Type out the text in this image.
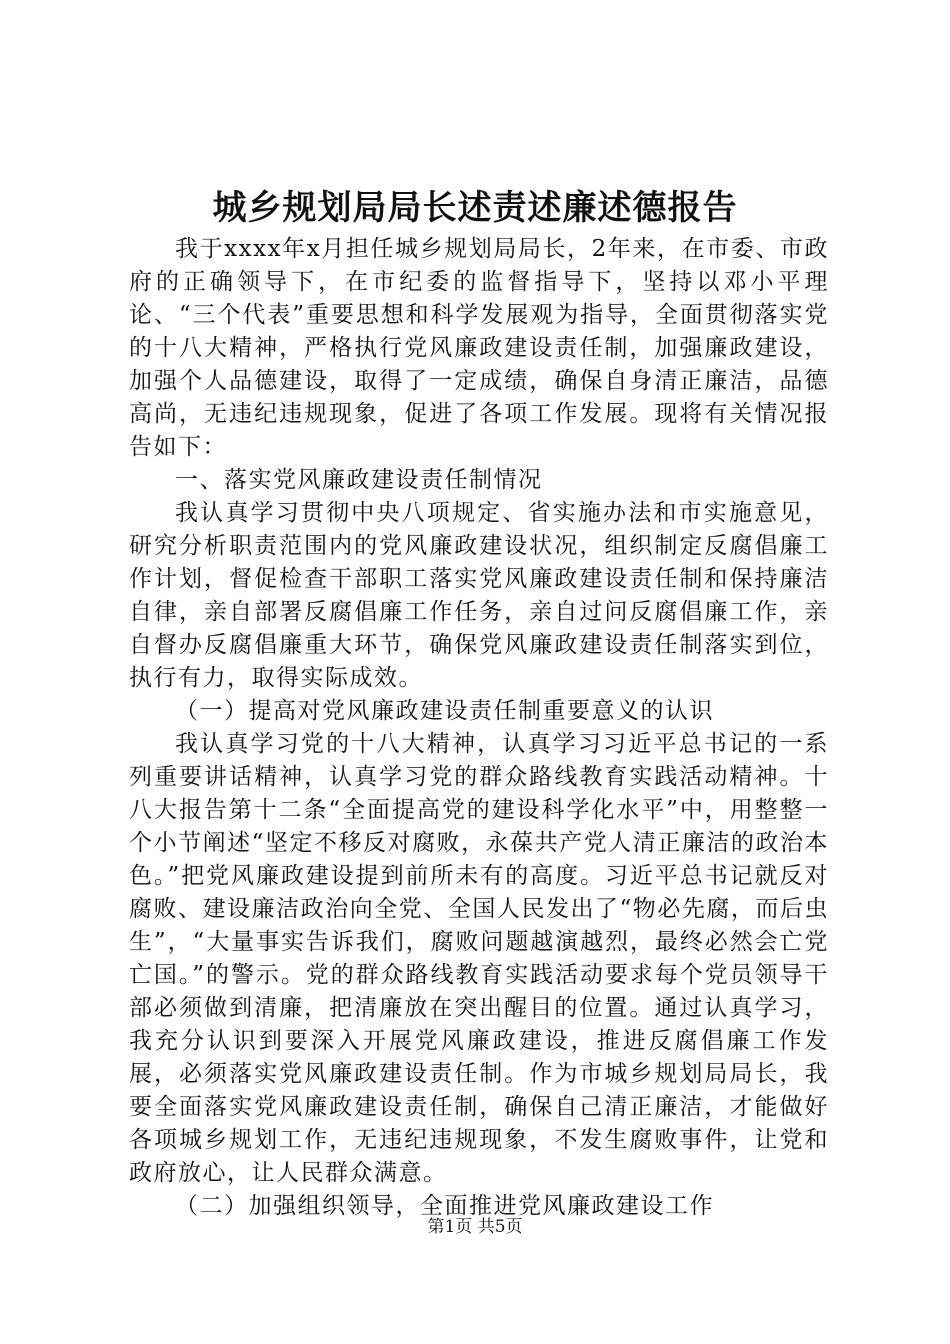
城乡规划局局长述责述廉述德报告

我于xxxx年x月担任城乡规划局局长，2年来，在市委、市政府的正确领导下，在市纪委的监督指导下，坚持以邓小平理论、“三个代表”重要思想和科学发展观为指导，全面贯彻落实党的十八大精神，严格执行党风廉政建设责任制，加强廉政建设，加强个人品德建设，取得了一定成绩，确保自身清正廉洁，品德高尚，无违纪违规现象，促进了各项工作发展。现将有关情况报告如下：

一、落实党风廉政建设责任制情况

我认真学习贯彻中央八项规定、省实施办法和市实施意见，研究分析职责范围内的党风廉政建设状况，组织制定反腐倡廉工作计划，督促检查干部职工落实党风廉政建设责任制和保持廉洁自律，亲自部署反腐倡廉工作任务，亲自过问反腐倡廉工作，亲自督办反腐倡廉重大环节，确保党风廉政建设责任制落实到位，执行有力，取得实际成效。

（一）提高对党风廉政建设责任制重要意义的认识

我认真学习党的十八大精神，认真学习习近平总书记的一系列重要讲话精神，认真学习党的群众路线教育实践活动精神。十八大报告第十二条“全面提高党的建设科学化水平”中，用整整一个小节阐述“坚定不移反对腐败，永葆共产党人清正廉洁的政治本色。”把党风廉政建设提到前所未有的高度。习近平总书记就反对腐败、建设廉洁政治向全党、全国人民发出了“物必先腐，而后虫生”，“大量事实告诉我们，腐败问题越演越烈，最终必然会亡党亡国。”的警示。党的群众路线教育实践活动要求每个党员领导干部必须做到清廉，把清廉放在突出醒目的位置。通过认真学习，我充分认识到要深入开展党风廉政建设，推进反腐倡廉工作发展，必须落实党风廉政建设责任制。作为市城乡规划局局长，我要全面落实党风廉政建设责任制，确保自己清正廉洁，才能做好各项城乡规划工作，无违纪违规现象，不发生腐败事件，让党和政府放心，让人民群众满意。

（二）加强组织领导，全面推进党风廉政建设工作

第1页 共5页
